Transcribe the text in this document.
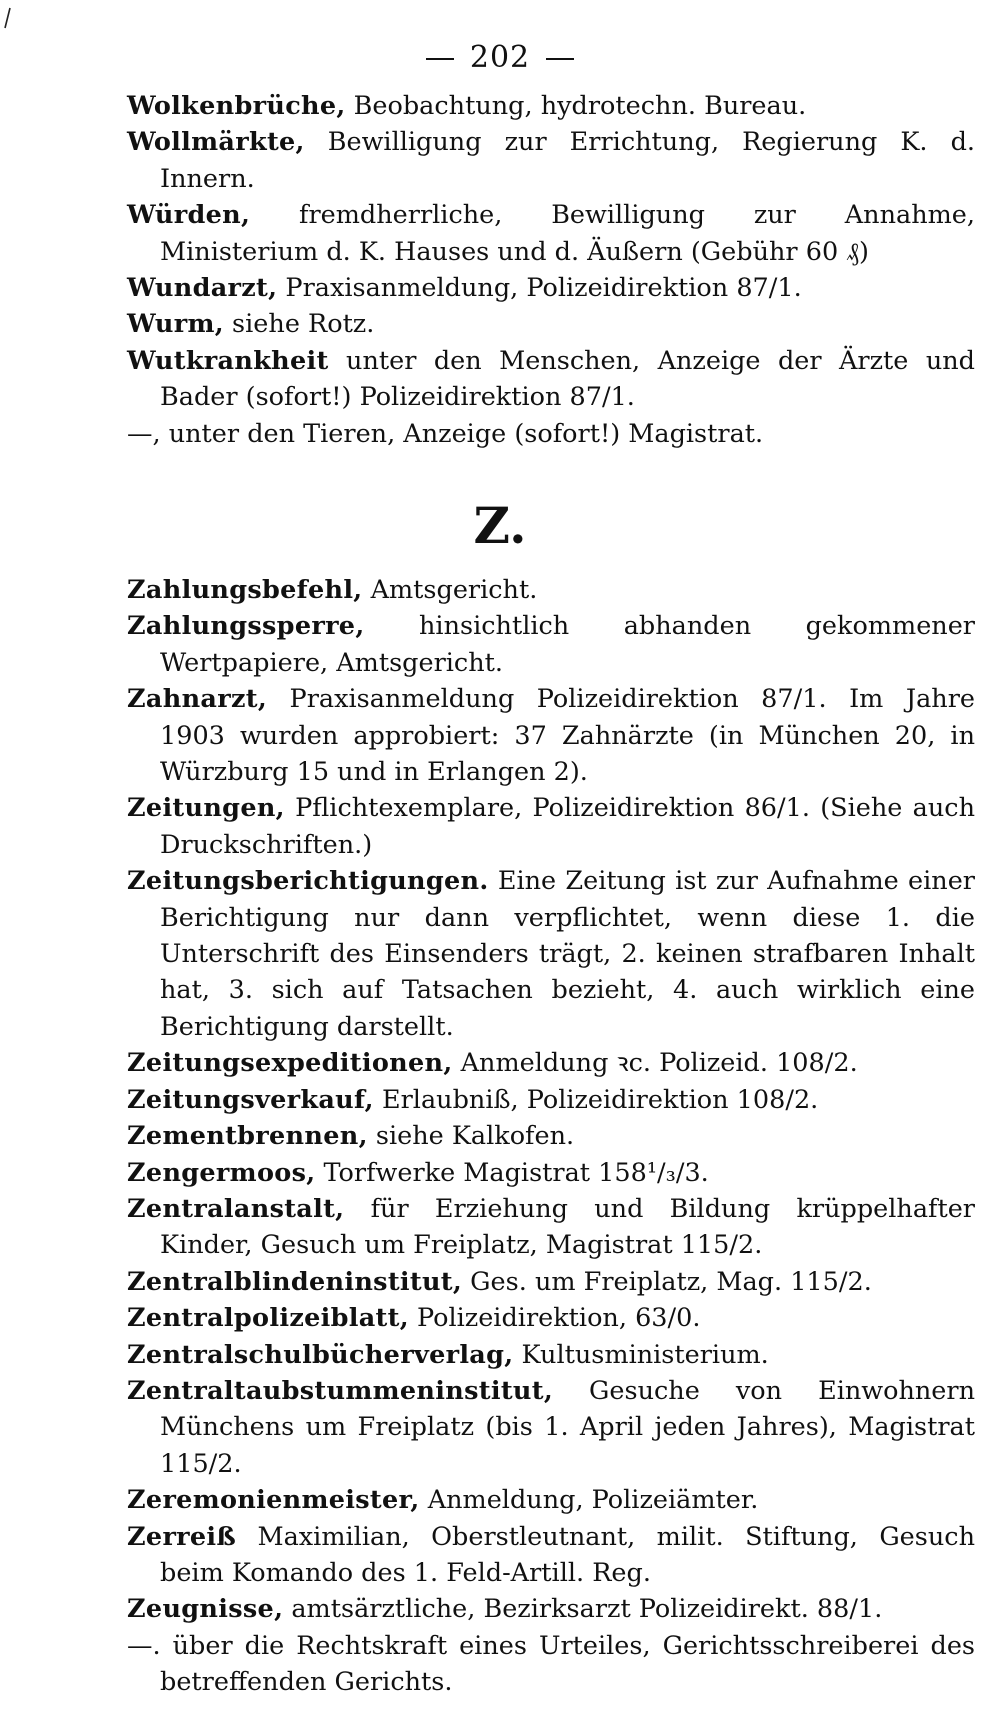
202

Wolkenbrüche, Beobachtung, hydrotechn. Bureau.

Wollmärkte, Bewilligung zur Errichtung, Regierung K. d. Innern.

Würden, fremdherrliche, Bewilligung zur Annahme, Ministerium d. K. Hauses und d. Äußern (Gebühr 60 ₰)

Wundarzt, Praxisanmeldung, Polizeidirektion 87/1.

Wurm, siehe Rotz.

Wutkrankheit unter den Menschen, Anzeige der Ärzte und Bader (sofort!) Polizeidirektion 87/1.

—, unter den Tieren, Anzeige (sofort!) Magistrat.

Z.

Zahlungsbefehl, Amtsgericht.

Zahlungssperre, hinsichtlich abhanden gekommener Wertpapiere, Amtsgericht.

Zahnarzt, Praxisanmeldung Polizeidirektion 87/1. Im Jahre 1903 wurden approbiert: 37 Zahnärzte (in München 20, in Würzburg 15 und in Erlangen 2).

Zeitungen, Pflichtexemplare, Polizeidirektion 86/1. (Siehe auch Druckschriften.)

Zeitungsberichtigungen. Eine Zeitung ist zur Aufnahme einer Berichtigung nur dann verpflichtet, wenn diese 1. die Unterschrift des Einsenders trägt, 2. keinen strafbaren Inhalt hat, 3. sich auf Tatsachen bezieht, 4. auch wirklich eine Berichtigung darstellt.

Zeitungsexpeditionen, Anmeldung ꝛc. Polizeid. 108/2.

Zeitungsverkauf, Erlaubniß, Polizeidirektion 108/2.

Zementbrennen, siehe Kalkofen.

Zengermoos, Torfwerke Magistrat 158¹/₃/3.

Zentralanstalt, für Erziehung und Bildung krüppelhafter Kinder, Gesuch um Freiplatz, Magistrat 115/2.

Zentralblindeninstitut, Ges. um Freiplatz, Mag. 115/2.

Zentralpolizeiblatt, Polizeidirektion, 63/0.

Zentralschulbücherverlag, Kultusministerium.

Zentraltaubstummeninstitut, Gesuche von Einwohnern Münchens um Freiplatz (bis 1. April jeden Jahres), Magistrat 115/2.

Zeremonienmeister, Anmeldung, Polizeiämter.

Zerreiß Maximilian, Oberstleutnant, milit. Stiftung, Gesuch beim Komando des 1. Feld-Artill. Reg.

Zeugnisse, amtsärztliche, Bezirksarzt Polizeidirekt. 88/1.

—. über die Rechtskraft eines Urteiles, Gerichtsschreiberei des betreffenden Gerichts.
